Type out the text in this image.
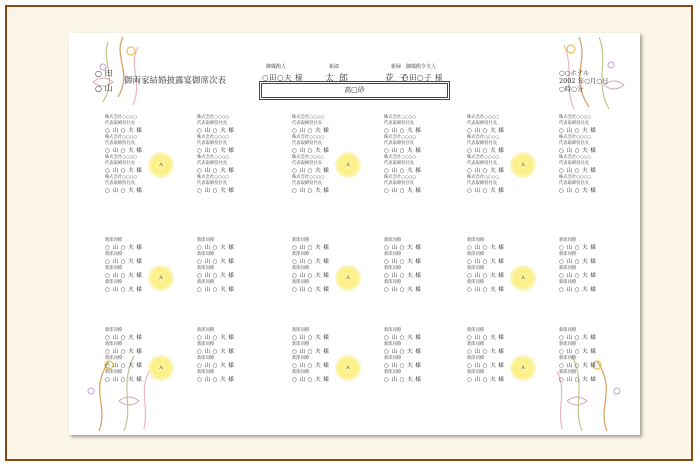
○ 田
○ 山
御両家結婚披露宴御席次表
御媒酌人
○田○夫 様
新郎
太 郎
新婦
花 子
御媒酌令夫人
○田○子 様
高□砂
○○ホテル
2002 年○月○日
○時○分
株式会社○○○○
代表取締役社長
○ 山 ○ 夫 様
株式会社○○○○
代表取締役社長
○ 山 ○ 夫 様
株式会社○○○○
代表取締役社長
○ 山 ○ 夫 様
株式会社○○○○
代表取締役社長
○ 山 ○ 夫 様
株式会社○○○○
代表取締役社長
○ 山 ○ 夫 様
株式会社○○○○
代表取締役社長
○ 山 ○ 夫 様
株式会社○○○○
代表取締役社長
○ 山 ○ 夫 様
株式会社○○○○
代表取締役社長
○ 山 ○ 夫 様
A
株式会社○○○○
代表取締役社長
○ 山 ○ 夫 様
株式会社○○○○
代表取締役社長
○ 山 ○ 夫 様
株式会社○○○○
代表取締役社長
○ 山 ○ 夫 様
株式会社○○○○
代表取締役社長
○ 山 ○ 夫 様
株式会社○○○○
代表取締役社長
○ 山 ○ 夫 様
株式会社○○○○
代表取締役社長
○ 山 ○ 夫 様
株式会社○○○○
代表取締役社長
○ 山 ○ 夫 様
株式会社○○○○
代表取締役社長
○ 山 ○ 夫 様
A
株式会社○○○○
代表取締役社長
○ 山 ○ 夫 様
株式会社○○○○
代表取締役社長
○ 山 ○ 夫 様
株式会社○○○○
代表取締役社長
○ 山 ○ 夫 様
株式会社○○○○
代表取締役社長
○ 山 ○ 夫 様
株式会社○○○○
代表取締役社長
○ 山 ○ 夫 様
株式会社○○○○
代表取締役社長
○ 山 ○ 夫 様
株式会社○○○○
代表取締役社長
○ 山 ○ 夫 様
株式会社○○○○
代表取締役社長
○ 山 ○ 夫 様
A
新郎同僚
○ 山 ○ 夫 様
新郎同僚
○ 山 ○ 夫 様
新郎同僚
○ 山 ○ 夫 様
新郎同僚
○ 山 ○ 夫 様
新郎同僚
○ 山 ○ 夫 様
新郎同僚
○ 山 ○ 夫 様
新郎同僚
○ 山 ○ 夫 様
新郎同僚
○ 山 ○ 夫 様
A
新郎同僚
○ 山 ○ 夫 様
新郎同僚
○ 山 ○ 夫 様
新郎同僚
○ 山 ○ 夫 様
新郎同僚
○ 山 ○ 夫 様
新郎同僚
○ 山 ○ 夫 様
新郎同僚
○ 山 ○ 夫 様
新郎同僚
○ 山 ○ 夫 様
新郎同僚
○ 山 ○ 夫 様
A
新郎同僚
○ 山 ○ 夫 様
新郎同僚
○ 山 ○ 夫 様
新郎同僚
○ 山 ○ 夫 様
新郎同僚
○ 山 ○ 夫 様
新郎同僚
○ 山 ○ 夫 様
新郎同僚
○ 山 ○ 夫 様
新郎同僚
○ 山 ○ 夫 様
新郎同僚
○ 山 ○ 夫 様
A
新郎同僚
○ 山 ○ 夫 様
新郎同僚
○ 山 ○ 夫 様
新郎同僚
○ 山 ○ 夫 様
新郎同僚
○ 山 ○ 夫 様
新郎同僚
○ 山 ○ 夫 様
新郎同僚
○ 山 ○ 夫 様
新郎同僚
○ 山 ○ 夫 様
新郎同僚
○ 山 ○ 夫 様
A
新郎同僚
○ 山 ○ 夫 様
新郎同僚
○ 山 ○ 夫 様
新郎同僚
○ 山 ○ 夫 様
新郎同僚
○ 山 ○ 夫 様
新郎同僚
○ 山 ○ 夫 様
新郎同僚
○ 山 ○ 夫 様
新郎同僚
○ 山 ○ 夫 様
新郎同僚
○ 山 ○ 夫 様
A
新郎同僚
○ 山 ○ 夫 様
新郎同僚
○ 山 ○ 夫 様
新郎同僚
○ 山 ○ 夫 様
新郎同僚
○ 山 ○ 夫 様
新郎同僚
○ 山 ○ 夫 様
新郎同僚
○ 山 ○ 夫 様
新郎同僚
○ 山 ○ 夫 様
新郎同僚
○ 山 ○ 夫 様
A
